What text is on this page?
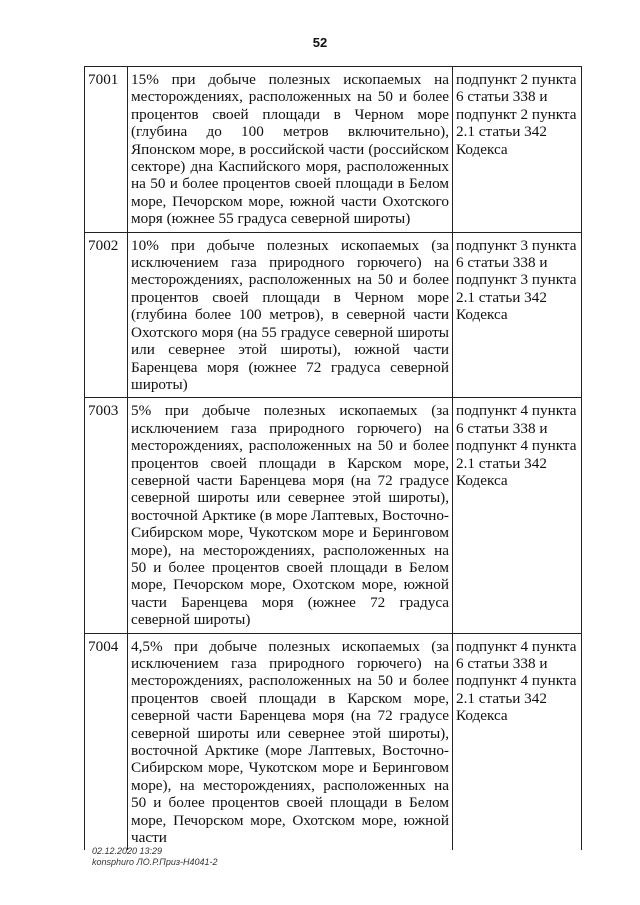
52
7001	15% при добыче полезных ископаемых на месторождениях, расположенных на 50 и более процентов своей площади в Черном море (глубина до 100 метров включительно), Японском море, в российской части (российском секторе) дна Каспийского моря, расположенных на 50 и более процентов своей площади в Белом море, Печорском море, южной части Охотского моря (южнее 55 градуса северной широты)	подпункт 2 пункта 6 статьи 338 и подпункт 2 пункта 2.1 статьи 342 Кодекса
7002	10% при добыче полезных ископаемых (за исключением газа природного горючего) на месторождениях, расположенных на 50 и более процентов своей площади в Черном море (глубина более 100 метров), в северной части Охотского моря (на 55 градусе северной широты или севернее этой широты), южной части Баренцева моря (южнее 72 градуса северной широты)	подпункт 3 пункта 6 статьи 338 и подпункт 3 пункта 2.1 статьи 342 Кодекса
7003	5% при добыче полезных ископаемых (за исключением газа природного горючего) на месторождениях, расположенных на 50 и более процентов своей площади в Карском море, северной части Баренцева моря (на 72 градусе северной широты или севернее этой широты), восточной Арктике (в море Лаптевых, Восточно-Сибирском море, Чукотском море и Беринговом море), на месторождениях, расположенных на 50 и более процентов своей площади в Белом море, Печорском море, Охотском море, южной части Баренцева моря (южнее 72 градуса северной широты)	подпункт 4 пункта 6 статьи 338 и подпункт 4 пункта 2.1 статьи 342 Кодекса
7004	4,5% при добыче полезных ископаемых (за исключением газа природного горючего) на месторождениях, расположенных на 50 и более процентов своей площади в Карском море, северной части Баренцева моря (на 72 градусе северной широты или севернее этой широты), восточной Арктике (море Лаптевых, Восточно-Сибирском море, Чукотском море и Беринговом море), на месторождениях, расположенных на 50 и более процентов своей площади в Белом море, Печорском море, Охотском море, южной части	подпункт 4 пункта 6 статьи 338 и подпункт 4 пункта 2.1 статьи 342 Кодекса
02.12.2020 13:29
konsphuro ЛО.Р.Приз-Н4041-2
